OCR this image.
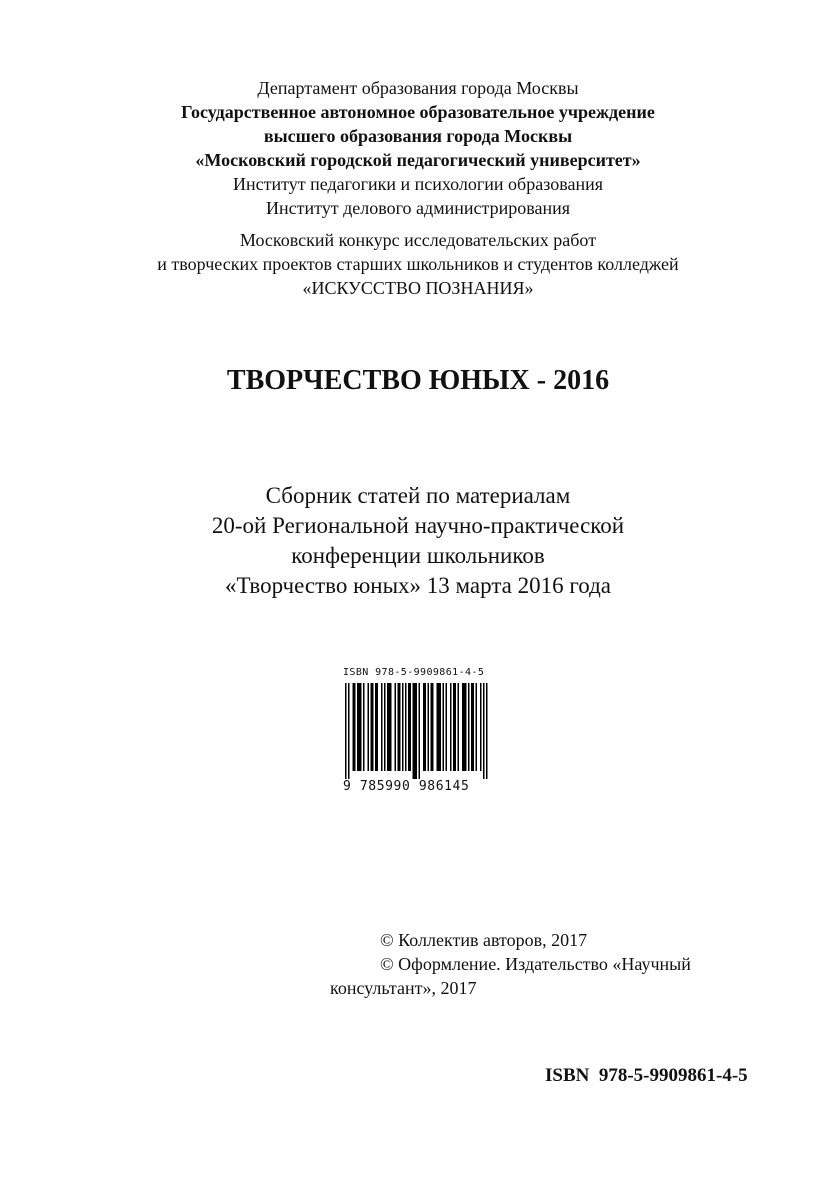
Департамент образования города Москвы
Государственное автономное образовательное учреждение
высшего образования города Москвы
«Московский городской педагогический университет»
Институт педагогики и психологии образования
Институт делового администрирования
Московский конкурс исследовательских работ
и творческих проектов старших школьников и студентов колледжей
«ИСКУССТВО ПОЗНАНИЯ»
ТВОРЧЕСТВО ЮНЫХ - 2016
Сборник статей по материалам
20-ой Региональной научно-практической
конференции школьников
«Творчество юных» 13 марта 2016 года
ISBN 978-5-9909861-4-5
9 785990 986145
© Коллектив авторов, 2017
© Оформление. Издательство «Научный
консультант», 2017
ISBN  978-5-9909861-4-5
